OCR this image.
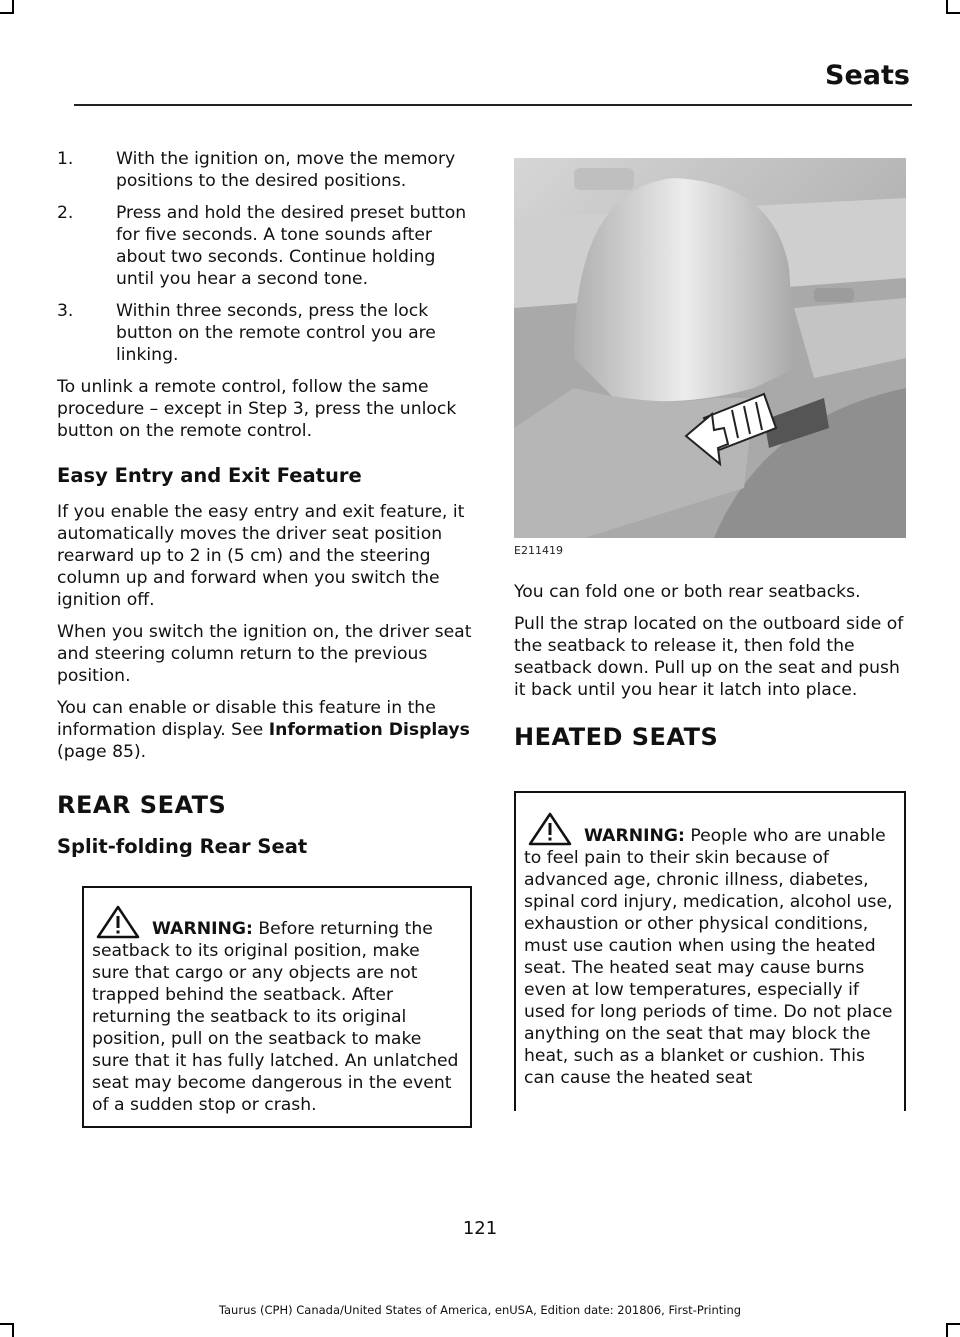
Seats
1. With the ignition on, move the memory positions to the desired positions.
2. Press and hold the desired preset button for five seconds. A tone sounds after about two seconds. Continue holding until you hear a second tone.
3. Within three seconds, press the lock button on the remote control you are linking.

To unlink a remote control, follow the same procedure – except in Step 3, press the unlock button on the remote control.

Easy Entry and Exit Feature

If you enable the easy entry and exit feature, it automatically moves the driver seat position rearward up to 2 in (5 cm) and the steering column up and forward when you switch the ignition off.

When you switch the ignition on, the driver seat and steering column return to the previous position.

You can enable or disable this feature in the information display. See Information Displays (page 85).

REAR SEATS
Split-folding Rear Seat
WARNING: Before returning the seatback to its original position, make sure that cargo or any objects are not trapped behind the seatback. After returning the seatback to its original position, pull on the seatback to make sure that it has fully latched. An unlatched seat may become dangerous in the event of a sudden stop or crash.
E211419

You can fold one or both rear seatbacks.

Pull the strap located on the outboard side of the seatback to release it, then fold the seatback down. Pull up on the seat and push it back until you hear it latch into place.

HEATED SEATS
WARNING: People who are unable to feel pain to their skin because of advanced age, chronic illness, diabetes, spinal cord injury, medication, alcohol use, exhaustion or other physical conditions, must use caution when using the heated seat. The heated seat may cause burns even at low temperatures, especially if used for long periods of time. Do not place anything on the seat that may block the heat, such as a blanket or cushion. This can cause the heated seat
121
Taurus (CPH) Canada/United States of America, enUSA, Edition date: 201806, First-Printing
